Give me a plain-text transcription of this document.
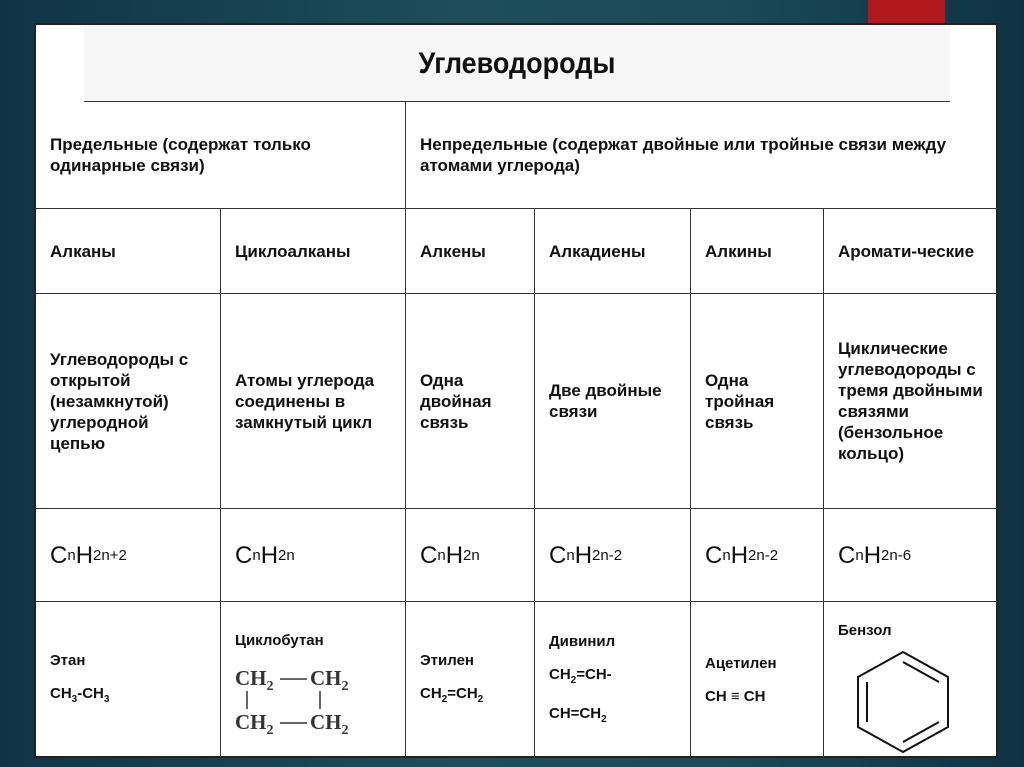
Углеводороды
Предельные (содержат только одинарные связи)
Непредельные (содержат двойные или тройные связи между атомами углерода)
Алканы
Углеводороды с открытой (незамкнутой) углеродной цепью
C n H 2n+2
Этан
$CH_3-CH_3$
Циклоалканы
Атомы углерода соединены в замкнутый цикл
C n H 2n
Циклобутан
$CH_2$ $CH_2$
$CH_2$ $CH_2$
Алкены
Одна двойная связь
C n H 2n
Этилен
$CH_2=CH_2$
Алкадиены
Две двойные связи
C n H 2n-2
Дивинил
$CH_2=CH-$
$CH=CH_2$
Алкины
Одна тройная связь
C n H 2n-2
Ацетилен
CH ≡ CH
Аромати-ческие
Циклические углеводороды с тремя двойными связями (бензольное кольцо)
C n H 2n-6
Бензол
